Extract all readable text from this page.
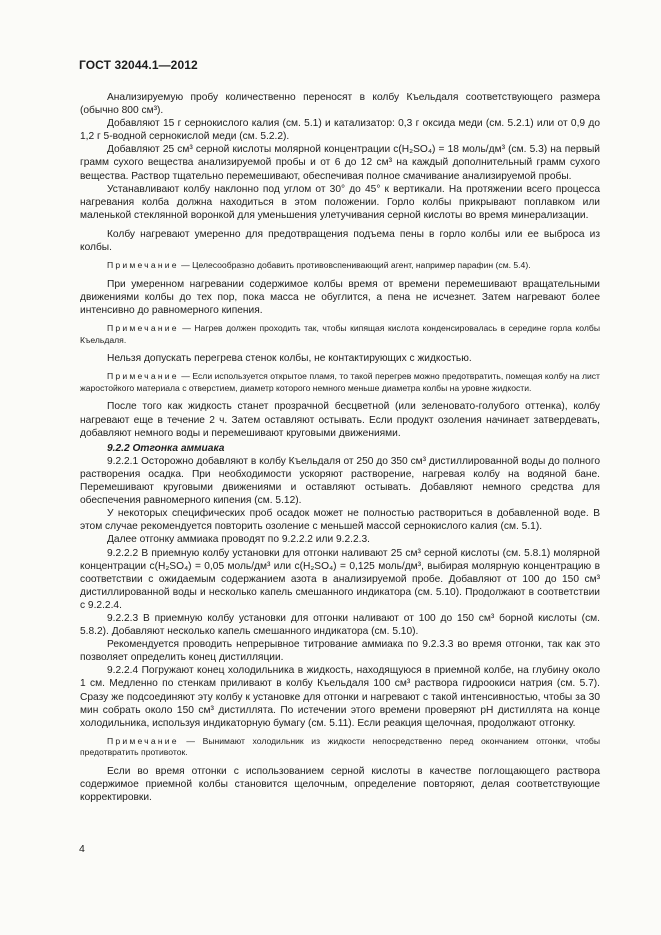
ГОСТ 32044.1—2012

Анализируемую пробу количественно переносят в колбу Къельдаля соответствующего размера (обычно 800 см³).

Добавляют 15 г сернокислого калия (см. 5.1) и катализатор: 0,3 г оксида меди (см. 5.2.1) или от 0,9 до 1,2 г 5-водной сернокислой меди (см. 5.2.2).

Добавляют 25 см³ серной кислоты молярной концентрации c(H₂SO₄) = 18 моль/дм³ (см. 5.3) на первый грамм сухого вещества анализируемой пробы и от 6 до 12 см³ на каждый дополнительный грамм сухого вещества. Раствор тщательно перемешивают, обеспечивая полное смачивание анализируемой пробы.

Устанавливают колбу наклонно под углом от 30° до 45° к вертикали. На протяжении всего процесса нагревания колба должна находиться в этом положении. Горло колбы прикрывают поплавком или маленькой стеклянной воронкой для уменьшения улетучивания серной кислоты во время минерализации.

Колбу нагревают умеренно для предотвращения подъема пены в горло колбы или ее выброса из колбы.

Примечание — Целесообразно добавить противовспенивающий агент, например парафин (см. 5.4).

При умеренном нагревании содержимое колбы время от времени перемешивают вращательными движениями колбы до тех пор, пока масса не обуглится, а пена не исчезнет. Затем нагревают более интенсивно до равномерного кипения.

Примечание — Нагрев должен проходить так, чтобы кипящая кислота конденсировалась в середине горла колбы Къельдаля.

Нельзя допускать перегрева стенок колбы, не контактирующих с жидкостью.

Примечание — Если используется открытое пламя, то такой перегрев можно предотвратить, помещая колбу на лист жаростойкого материала с отверстием, диаметр которого немного меньше диаметра колбы на уровне жидкости.

После того как жидкость станет прозрачной бесцветной (или зеленовато-голубого оттенка), колбу нагревают еще в течение 2 ч. Затем оставляют остывать. Если продукт озоления начинает затвердевать, добавляют немного воды и перемешивают круговыми движениями.

9.2.2 Отгонка аммиака

9.2.2.1 Осторожно добавляют в колбу Къельдаля от 250 до 350 см³ дистиллированной воды до полного растворения осадка. При необходимости ускоряют растворение, нагревая колбу на водяной бане. Перемешивают круговыми движениями и оставляют остывать. Добавляют немного средства для обеспечения равномерного кипения (см. 5.12).

У некоторых специфических проб осадок может не полностью раствориться в добавленной воде. В этом случае рекомендуется повторить озоление с меньшей массой сернокислого калия (см. 5.1).

Далее отгонку аммиака проводят по 9.2.2.2 или 9.2.2.3.

9.2.2.2 В приемную колбу установки для отгонки наливают 25 см³ серной кислоты (см. 5.8.1) молярной концентрации c(H₂SO₄) = 0,05 моль/дм³ или c(H₂SO₄) = 0,125 моль/дм³, выбирая молярную концентрацию в соответствии с ожидаемым содержанием азота в анализируемой пробе. Добавляют от 100 до 150 см³ дистиллированной воды и несколько капель смешанного индикатора (см. 5.10). Продолжают в соответствии с 9.2.2.4.

9.2.2.3 В приемную колбу установки для отгонки наливают от 100 до 150 см³ борной кислоты (см. 5.8.2). Добавляют несколько капель смешанного индикатора (см. 5.10).

Рекомендуется проводить непрерывное титрование аммиака по 9.2.3.3 во время отгонки, так как это позволяет определить конец дистилляции.

9.2.2.4 Погружают конец холодильника в жидкость, находящуюся в приемной колбе, на глубину около 1 см. Медленно по стенкам приливают в колбу Къельдаля 100 см³ раствора гидроокиси натрия (см. 5.7). Сразу же подсоединяют эту колбу к установке для отгонки и нагревают с такой интенсивностью, чтобы за 30 мин собрать около 150 см³ дистиллята. По истечении этого времени проверяют pH дистиллята на конце холодильника, используя индикаторную бумагу (см. 5.11). Если реакция щелочная, продолжают отгонку.

Примечание — Вынимают холодильник из жидкости непосредственно перед окончанием отгонки, чтобы предотвратить противоток.

Если во время отгонки с использованием серной кислоты в качестве поглощающего раствора содержимое приемной колбы становится щелочным, определение повторяют, делая соответствующие корректировки.

4
